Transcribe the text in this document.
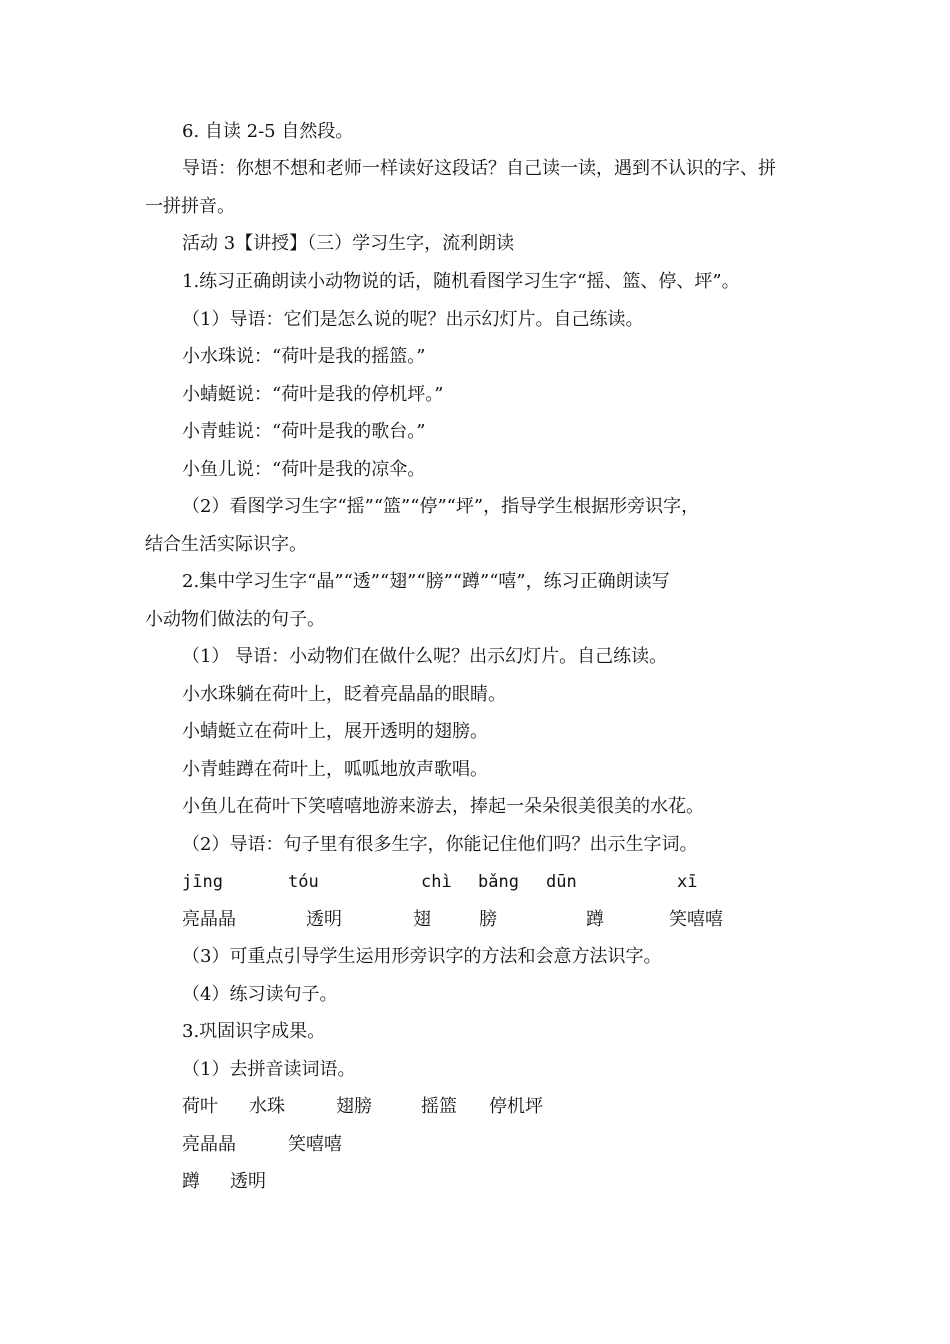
6. 自读 2-5 自然段。

导语：你想不想和老师一样读好这段话？自己读一读，遇到不认识的字、拼

一拼拼音。

活动 3【讲授】（三）学习生字，流利朗读

1.练习正确朗读小动物说的话，随机看图学习生字“摇、篮、停、坪”。

（1）导语：它们是怎么说的呢？出示幻灯片。自己练读。

小水珠说：“荷叶是我的摇篮。”

小蜻蜓说：“荷叶是我的停机坪。”

小青蛙说：“荷叶是我的歌台。”

小鱼儿说：“荷叶是我的凉伞。

（2）看图学习生字“摇”“篮”“停”“坪”，指导学生根据形旁识字，

结合生活实际识字。

2.集中学习生字“晶”“透”“翅”“膀”“蹲”“嘻”，练习正确朗读写

小动物们做法的句子。

（1） 导语：小动物们在做什么呢？出示幻灯片。自己练读。

小水珠躺在荷叶上，眨着亮晶晶的眼睛。

小蜻蜓立在荷叶上，展开透明的翅膀。

小青蛙蹲在荷叶上，呱呱地放声歌唱。

小鱼儿在荷叶下笑嘻嘻地游来游去，捧起一朵朵很美很美的水花。

（2）导语：句子里有很多生字，你能记住他们吗？出示生字词。

jīng	tóu	chì bǎng dūn	xī
亮晶晶	透明	翅	膀	蹲	笑嘻嘻

（3）可重点引导学生运用形旁识字的方法和会意方法识字。

（4）练习读句子。

3.巩固识字成果。

（1）去拼音读词语。

荷叶 水珠	翅膀	摇篮 停机坪
亮晶晶	笑嘻嘻
蹲 透明
